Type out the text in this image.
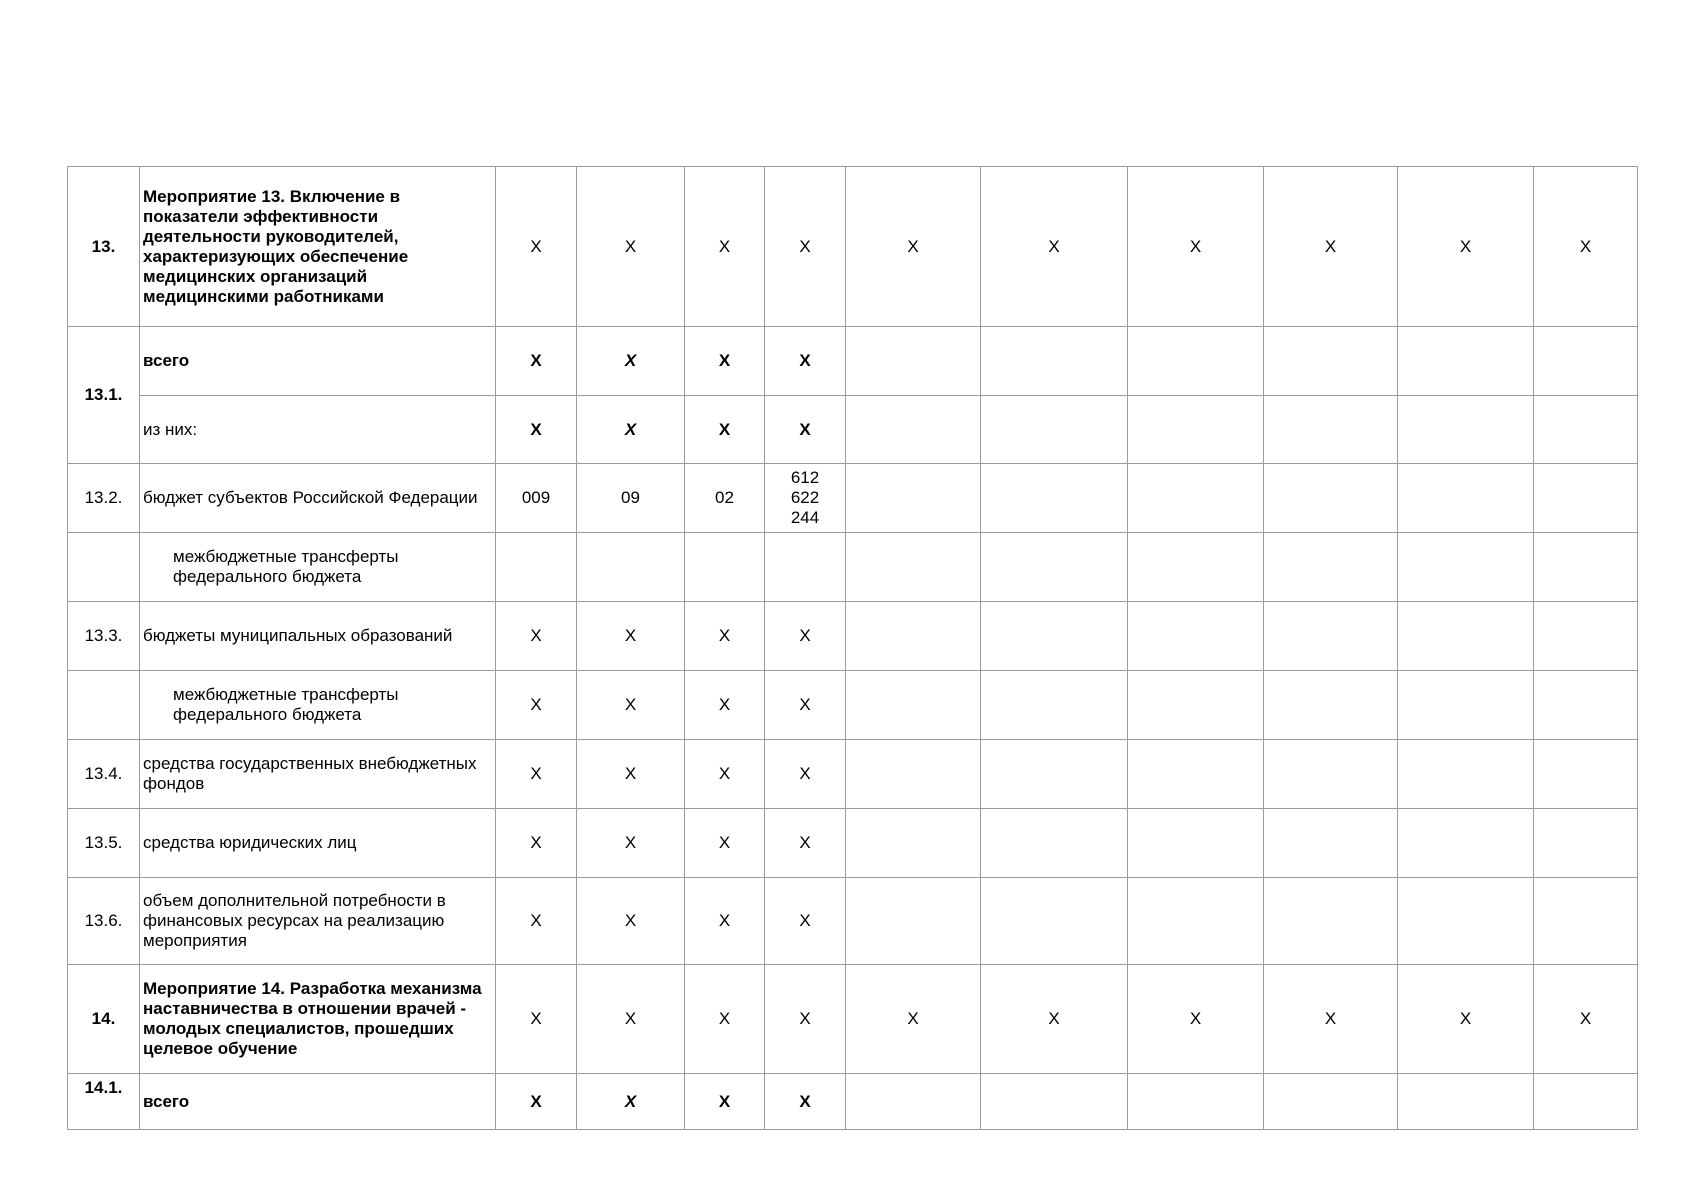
13.	Мероприятие 13. Включение в показатели эффективности деятельности руководителей, характеризующих обеспечение медицинских организаций медицинскими работниками	X	X	X	X	X	X	X	X	X	X
13.1.	всего	X	X	X	X						
	из них:	X	X	X	X						
13.2.	бюджет субъектов Российской Федерации	009	09	02	612
622
244						

	межбюджетные трансферты федерального бюджета										
13.3.	бюджеты муниципальных образований	X	X	X	X						
	межбюджетные трансферты федерального бюджета	X	X	X	X						
13.4.	средства государственных внебюджетных фондов	X	X	X	X						
13.5.	средства юридических лиц	X	X	X	X						
13.6.	объем дополнительной потребности в финансовых ресурсах на реализацию мероприятия	X	X	X	X						
14.	Мероприятие 14. Разработка механизма наставничества в отношении врачей - молодых специалистов, прошедших целевое обучение	X	X	X	X	X	X	X	X	X	X
14.1.	всего	X	X	X	X						
